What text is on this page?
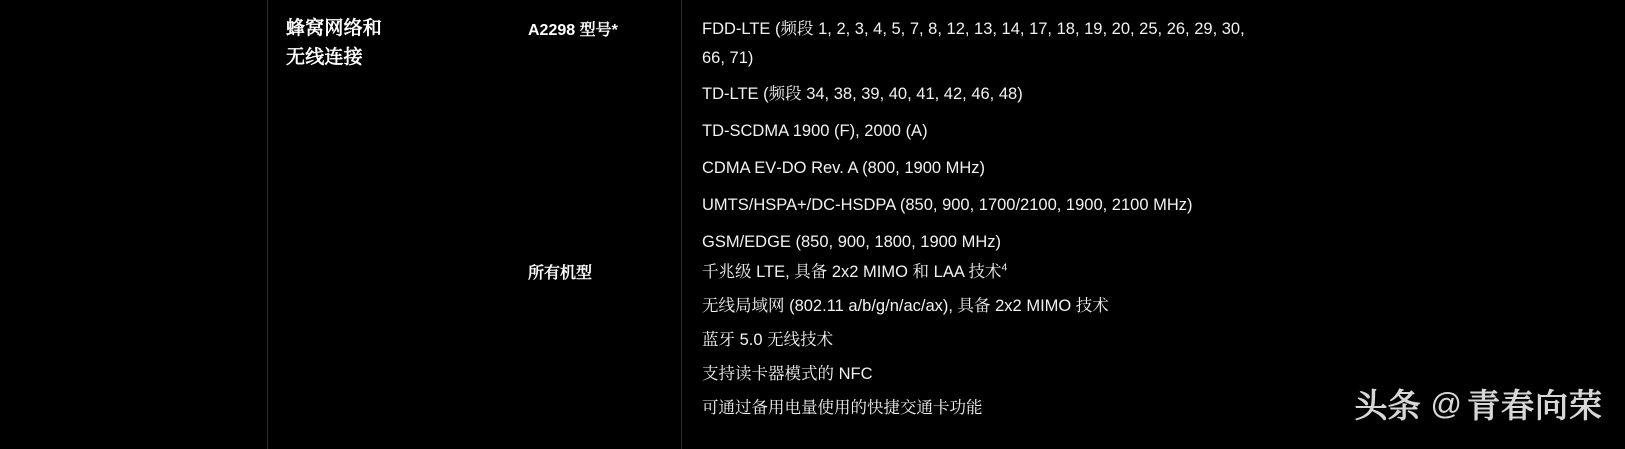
蜂窝网络和
无线连接
A2298 型号*	FDD‑LTE (频段 1, 2, 3, 4, 5, 7, 8, 12, 13, 14, 17, 18, 19, 20, 25, 26, 29, 30, 66, 71)
TD‑LTE (频段 34, 38, 39, 40, 41, 42, 46, 48)
TD‑SCDMA 1900 (F), 2000 (A)
CDMA EV‑DO Rev. A (800, 1900 MHz)
UMTS/HSPA+/DC‑HSDPA (850, 900, 1700/2100, 1900, 2100 MHz)
GSM/EDGE (850, 900, 1800, 1900 MHz)
所有机型	千兆级 LTE, 具备 2x2 MIMO 和 LAA 技术$^4$
无线局域网 (802.11 a/b/g/n/ac/ax), 具备 2x2 MIMO 技术
蓝牙 5.0 无线技术
支持读卡器模式的 NFC
可通过备用电量使用的快捷交通卡功能	头条 @ 青春向荣
